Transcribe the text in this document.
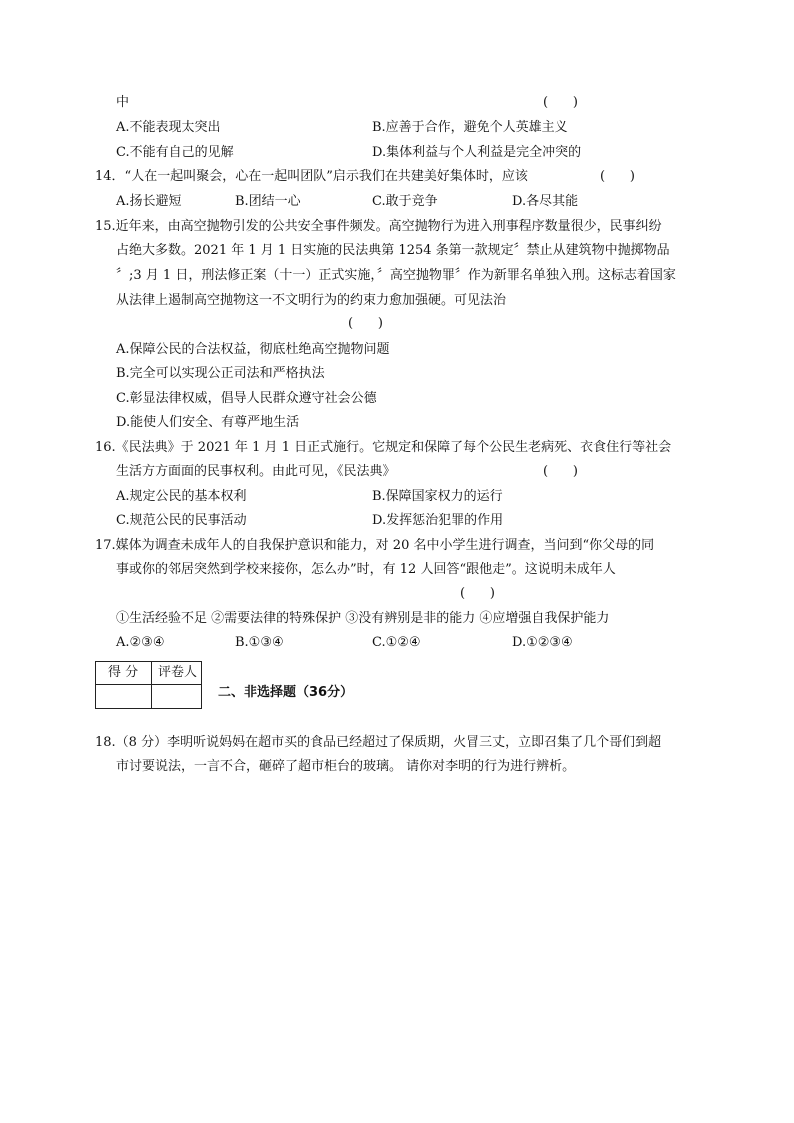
中	(      )
A.不能表现太突出	B.应善于合作，避免个人英雄主义
C.不能有自己的见解	D.集体利益与个人利益是完全冲突的
14．“人在一起叫聚会，心在一起叫团队”启示我们在共建美好集体时，应该	(      )
A.扬长避短	B.团结一心	C.敢于竞争	D.各尽其能
15.近年来，由高空抛物引发的公共安全事件频发。高空抛物行为进入刑事程序数量很少，民事纠纷
占绝大多数。2021 年 1 月 1 日实施的民法典第 1254 条第一款规定〞禁止从建筑物中抛掷物品
〞;3 月 1 日，刑法修正案（十一）正式实施，〞高空抛物罪〞作为新罪名单独入刑。这标志着国家
从法律上遏制高空抛物这一不文明行为的约束力愈加强硬。可见法治
(      )
A.保障公民的合法权益，彻底杜绝高空抛物问题
B.完全可以实现公正司法和严格执法
C.彰显法律权威，倡导人民群众遵守社会公德
D.能使人们安全、有尊严地生活
16.《民法典》于 2021 年 1 月 1 日正式施行。它规定和保障了每个公民生老病死、衣食住行等社会
生活方方面面的民事权利。由此可见，《民法典》	(      )
A.规定公民的基本权利	B.保障国家权力的运行
C.规范公民的民事活动	D.发挥惩治犯罪的作用
17.媒体为调查未成年人的自我保护意识和能力，对 20 名中小学生进行调查，当问到“你父母的同
事或你的邻居突然到学校来接你，怎么办”时，有 12 人回答“跟他走”。这说明未成年人
(      )
①生活经验不足 ②需要法律的特殊保护 ③没有辨别是非的能力 ④应增强自我保护能力
A.②③④	B.①③④	C.①②④	D.①②③④
得 分 评卷人
二、非选择题（36分）
18.（8 分）李明听说妈妈在超市买的食品已经超过了保质期，火冒三丈，立即召集了几个哥们到超
市讨要说法，一言不合，砸碎了超市柜台的玻璃。 请你对李明的行为进行辨析。
